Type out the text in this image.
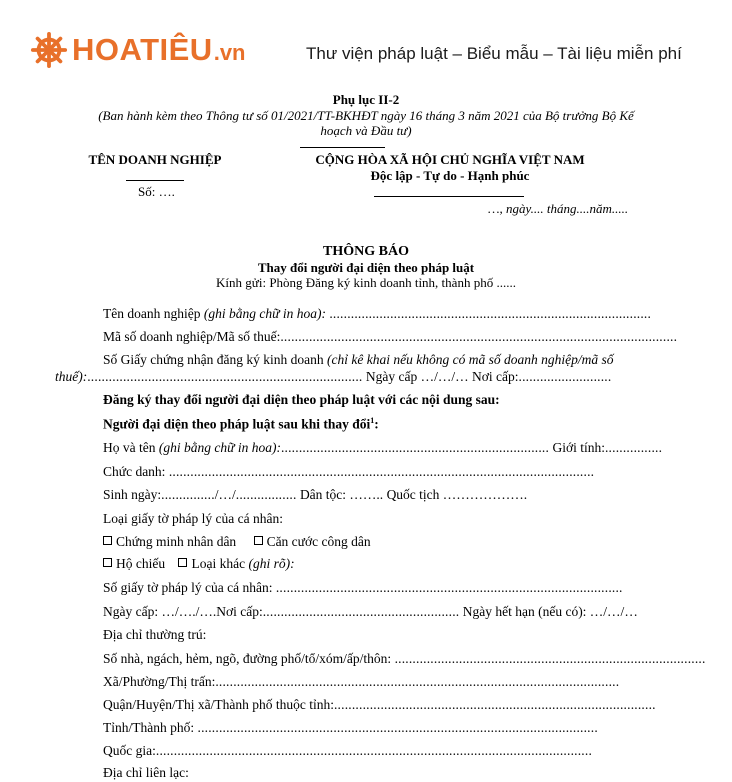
HOATIÊU .vn	Thư viện pháp luật – Biểu mẫu – Tài liệu miễn phí
Phụ lục II-2
(Ban hành kèm theo Thông tư số 01/2021/TT-BKHĐT ngày 16 tháng 3 năm 2021 của Bộ trưởng Bộ Kế
hoạch và Đầu tư)
TÊN DOANH NGHIỆP	CỘNG HÒA XÃ HỘI CHỦ NGHĨA VIỆT NAM
Độc lập - Tự do - Hạnh phúc
Số: ….
…, ngày.... tháng....năm.....
THÔNG BÁO
Thay đổi người đại diện theo pháp luật
Kính gửi: Phòng Đăng ký kinh doanh tỉnh, thành phố ......
Tên doanh nghiệp (ghi bằng chữ in hoa): ..........................................................................................
Mã số doanh nghiệp/Mã số thuế:...............................................................................................................
Số Giấy chứng nhận đăng ký kinh doanh (chỉ kê khai nếu không có mã số doanh nghiệp/mã số
thuế):............................................................................. Ngày cấp …/…/… Nơi cấp:..........................
Đăng ký thay đổi người đại diện theo pháp luật với các nội dung sau:
Người đại diện theo pháp luật sau khi thay đổi$^1$:
Họ và tên (ghi bằng chữ in hoa):........................................................................... Giới tính:................
Chức danh: .......................................................................................................................
Sinh ngày:.............../…/................. Dân tộc: …….. Quốc tịch ……………….
Loại giấy tờ pháp lý của cá nhân:
Chứng minh nhân dân Căn cước công dân
Hộ chiếu Loại khác (ghi rõ):
Số giấy tờ pháp lý của cá nhân: .................................................................................................
Ngày cấp: …/…./….Nơi cấp:....................................................... Ngày hết hạn (nếu có): …/…/…
Địa chỉ thường trú:
Số nhà, ngách, hẻm, ngõ, đường phố/tổ/xóm/ấp/thôn: .......................................................................................
Xã/Phường/Thị trấn:.................................................................................................................
Quận/Huyện/Thị xã/Thành phố thuộc tỉnh:..........................................................................................
Tỉnh/Thành phố: ................................................................................................................
Quốc gia:..........................................................................................................................
Địa chỉ liên lạc:
